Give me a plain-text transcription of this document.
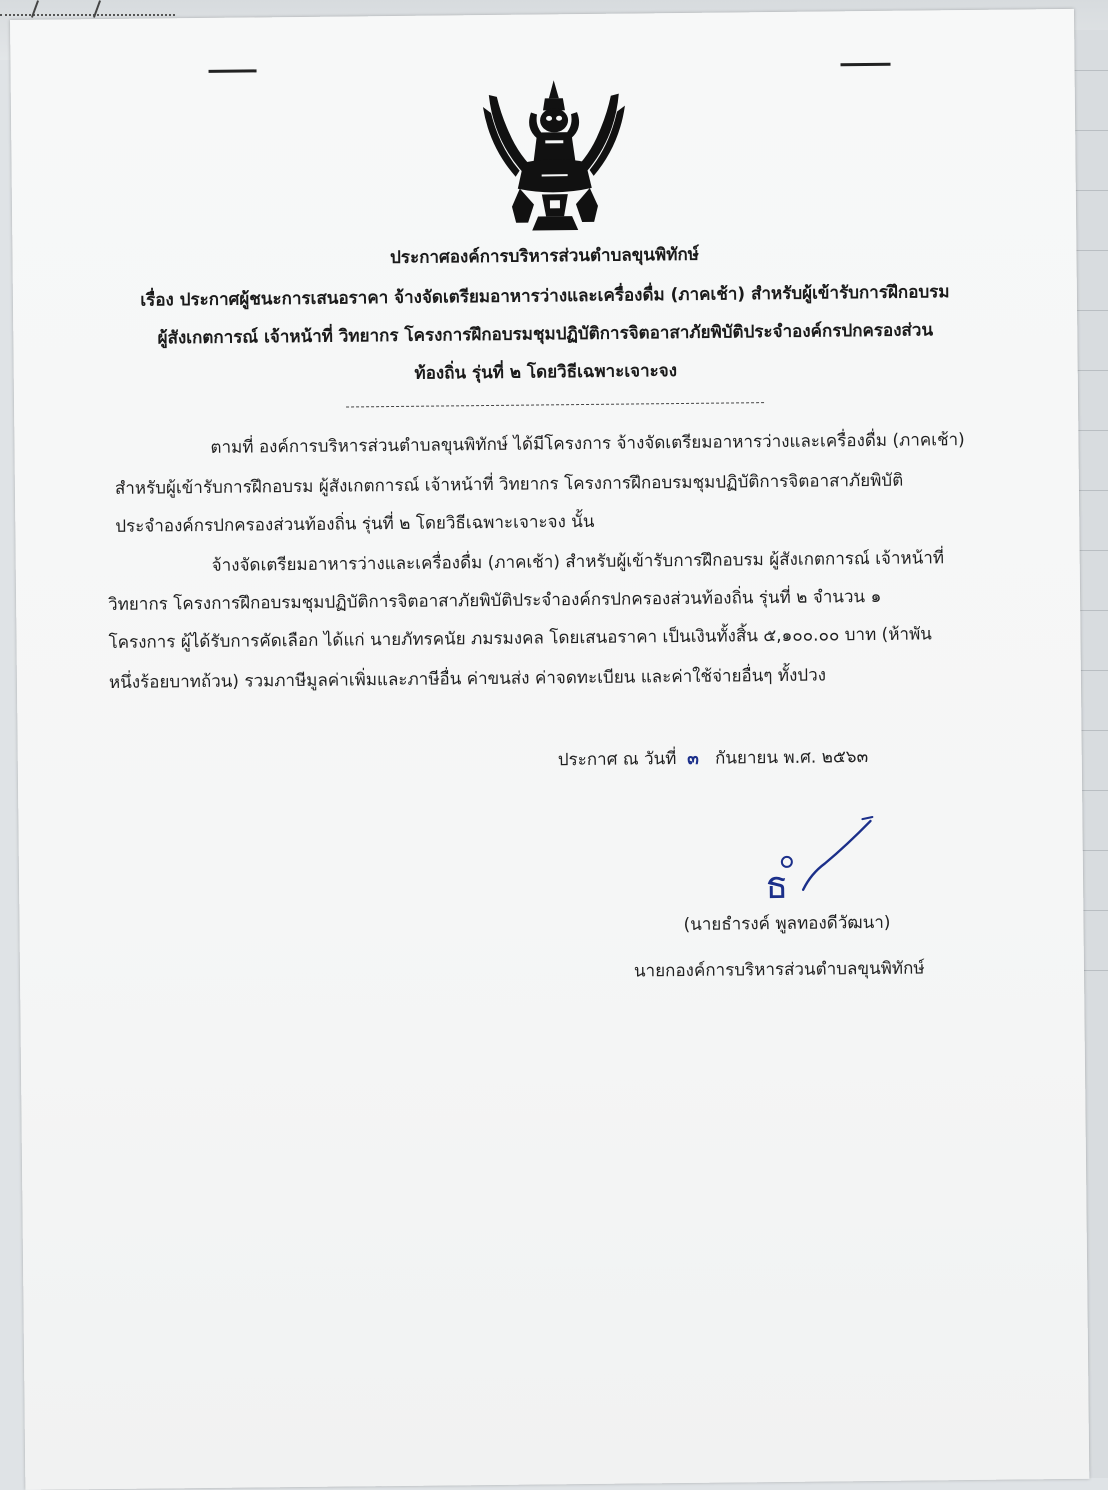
ประกาศองค์การบริหารส่วนตำบลขุนพิทักษ์
เรื่อง ประกาศผู้ชนะการเสนอราคา จ้างจัดเตรียมอาหารว่างและเครื่องดื่ม (ภาคเช้า) สำหรับผู้เข้ารับการฝึกอบรม
ผู้สังเกตการณ์ เจ้าหน้าที่ วิทยากร โครงการฝึกอบรมชุมปฏิบัติการจิตอาสาภัยพิบัติประจำองค์กรปกครองส่วน
ท้องถิ่น รุ่นที่ ๒ โดยวิธีเฉพาะเจาะจง
ตามที่ องค์การบริหารส่วนตำบลขุนพิทักษ์ ได้มีโครงการ จ้างจัดเตรียมอาหารว่างและเครื่องดื่ม (ภาคเช้า)
สำหรับผู้เข้ารับการฝึกอบรม ผู้สังเกตการณ์ เจ้าหน้าที่ วิทยากร โครงการฝึกอบรมชุมปฏิบัติการจิตอาสาภัยพิบัติ
ประจำองค์กรปกครองส่วนท้องถิ่น รุ่นที่ ๒ โดยวิธีเฉพาะเจาะจง นั้น
จ้างจัดเตรียมอาหารว่างและเครื่องดื่ม (ภาคเช้า) สำหรับผู้เข้ารับการฝึกอบรม ผู้สังเกตการณ์ เจ้าหน้าที่
วิทยากร โครงการฝึกอบรมชุมปฏิบัติการจิตอาสาภัยพิบัติประจำองค์กรปกครองส่วนท้องถิ่น รุ่นที่ ๒ จำนวน ๑
โครงการ ผู้ได้รับการคัดเลือก ได้แก่ นายภัทรคนัย ภมรมงคล โดยเสนอราคา เป็นเงินทั้งสิ้น ๕,๑๐๐.๐๐ บาท (ห้าพัน
หนึ่งร้อยบาทถ้วน) รวมภาษีมูลค่าเพิ่มและภาษีอื่น ค่าขนส่ง ค่าจดทะเบียน และค่าใช้จ่ายอื่นๆ ทั้งปวง
ประกาศ ณ วันที่ ๓ กันยายน พ.ศ. ๒๕๖๓
ธ
(นายธำรงค์ พูลทองดีวัฒนา)
นายกองค์การบริหารส่วนตำบลขุนพิทักษ์
